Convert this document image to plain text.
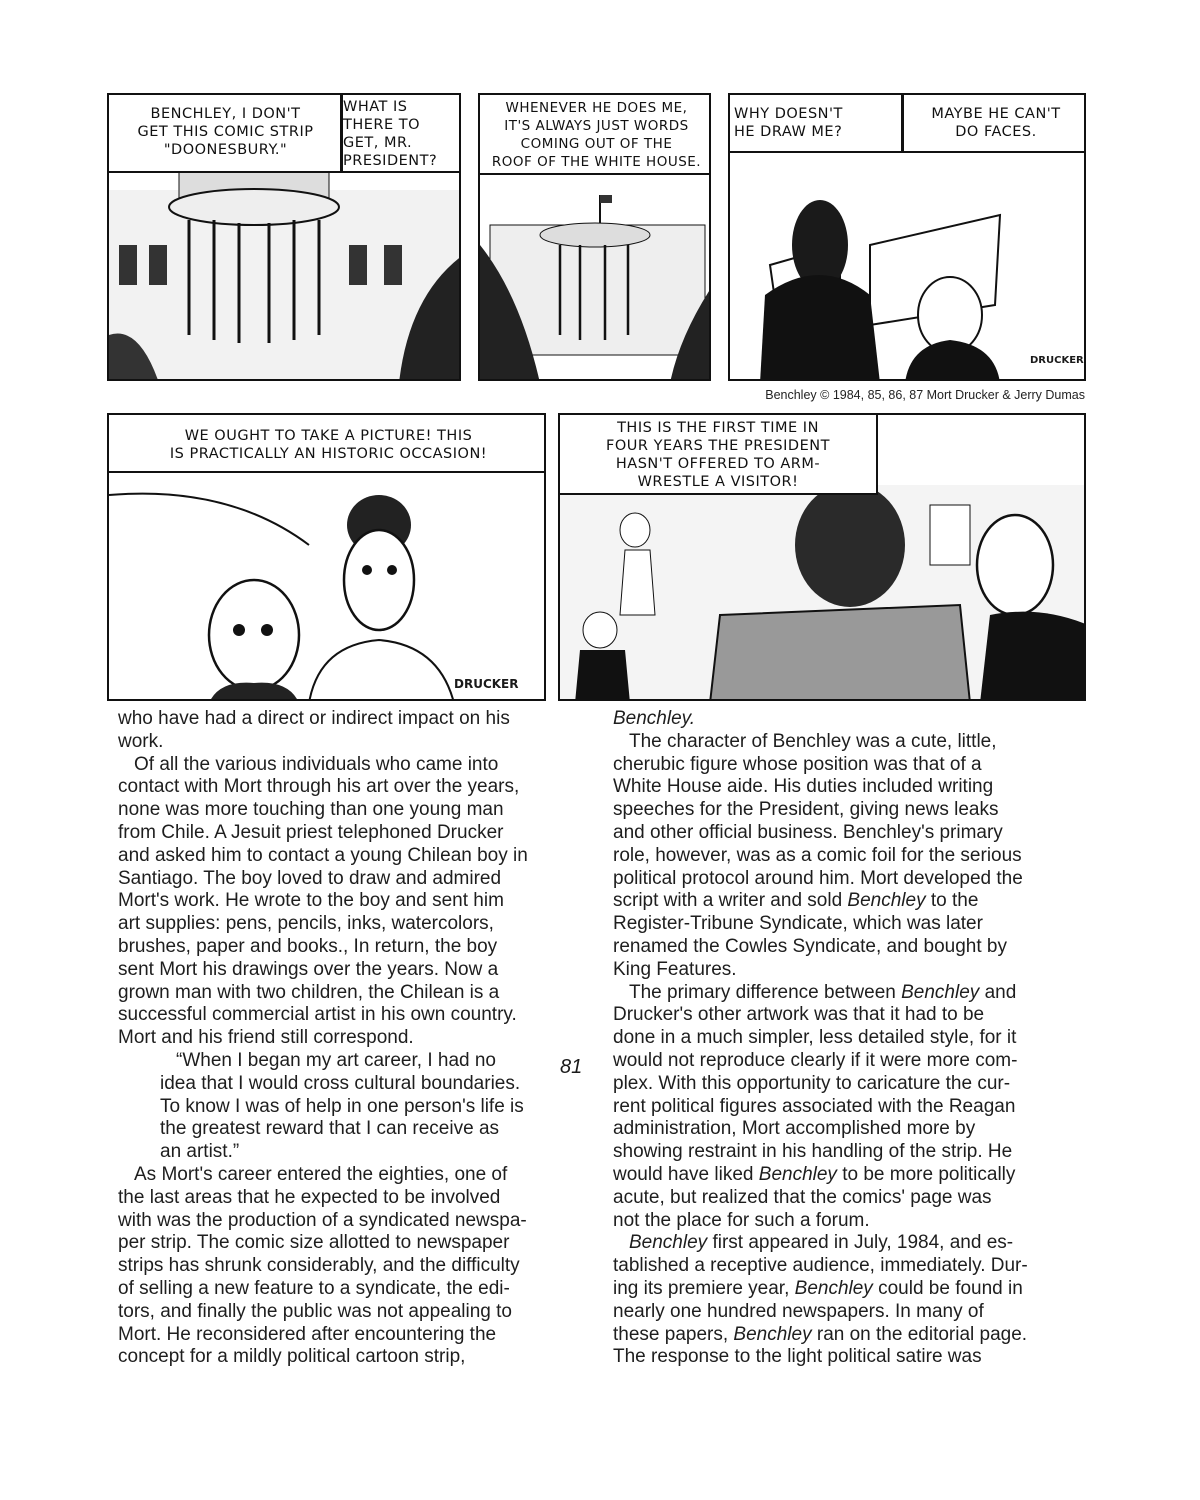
BENCHLEY, I DON'T
GET THIS COMIC STRIP
"DOONESBURY."
WHAT IS
THERE TO
GET, MR.
PRESIDENT?
WHENEVER HE DOES ME,
IT'S ALWAYS JUST WORDS
COMING OUT OF THE
ROOF OF THE WHITE HOUSE.
WHY DOESN'T
HE DRAW ME?
MAYBE HE CAN'T
DO FACES.
DRUCKER
Benchley © 1984, 85, 86, 87 Mort Drucker & Jerry Dumas
WE OUGHT TO TAKE A PICTURE! THIS
IS PRACTICALLY AN HISTORIC OCCASION!
DRUCKER
THIS IS THE FIRST TIME IN
FOUR YEARS THE PRESIDENT
HASN'T OFFERED TO ARM-
WRESTLE A VISITOR!
who have had a direct or indirect impact on his
work.
Of all the various individuals who came into
contact with Mort through his art over the years,
none was more touching than one young man
from Chile. A Jesuit priest telephoned Drucker
and asked him to contact a young Chilean boy in
Santiago. The boy loved to draw and admired
Mort's work. He wrote to the boy and sent him
art supplies: pens, pencils, inks, watercolors,
brushes, paper and books., In return, the boy
sent Mort his drawings over the years. Now a
grown man with two children, the Chilean is a
successful commercial artist in his own country.
Mort and his friend still correspond.
“When I began my art career, I had no
idea that I would cross cultural boundaries.
To know I was of help in one person's life is
the greatest reward that I can receive as
an artist.”
As Mort's career entered the eighties, one of
the last areas that he expected to be involved
with was the production of a syndicated newspa-
per strip. The comic size allotted to newspaper
strips has shrunk considerably, and the difficulty
of selling a new feature to a syndicate, the edi-
tors, and finally the public was not appealing to
Mort. He reconsidered after encountering the
concept for a mildly political cartoon strip,
Benchley.
The character of Benchley was a cute, little,
cherubic figure whose position was that of a
White House aide. His duties included writing
speeches for the President, giving news leaks
and other official business. Benchley's primary
role, however, was as a comic foil for the serious
political protocol around him. Mort developed the
script with a writer and sold Benchley to the
Register-Tribune Syndicate, which was later
renamed the Cowles Syndicate, and bought by
King Features.
The primary difference between Benchley and
Drucker's other artwork was that it had to be
done in a much simpler, less detailed style, for it
would not reproduce clearly if it were more com-
plex. With this opportunity to caricature the cur-
rent political figures associated with the Reagan
administration, Mort accomplished more by
showing restraint in his handling of the strip. He
would have liked Benchley to be more politically
acute, but realized that the comics' page was
not the place for such a forum.
Benchley first appeared in July, 1984, and es-
tablished a receptive audience, immediately. Dur-
ing its premiere year, Benchley could be found in
nearly one hundred newspapers. In many of
these papers, Benchley ran on the editorial page.
The response to the light political satire was
81
